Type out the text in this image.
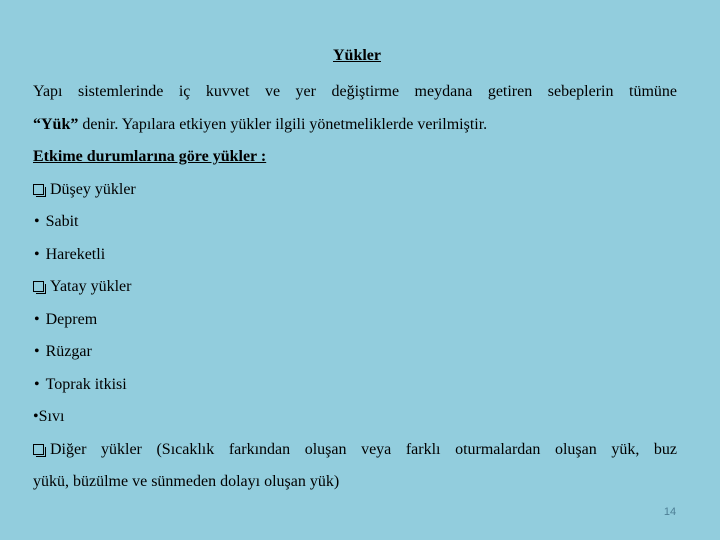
Yükler

Yapı sistemlerinde iç kuvvet ve yer değiştirme meydana getiren sebeplerin tümüne
“Yük” denir. Yapılara etkiyen yükler ilgili yönetmeliklerde verilmiştir.

Etkime durumlarına göre yükler :

Düşey yükler

• Sabit

• Hareketli

Yatay yükler

• Deprem

• Rüzgar

• Toprak itkisi

•Sıvı

Diğer yükler (Sıcaklık farkından oluşan veya farklı oturmalardan oluşan yük, buz
yükü, büzülme ve sünmeden dolayı oluşan yük)

14
